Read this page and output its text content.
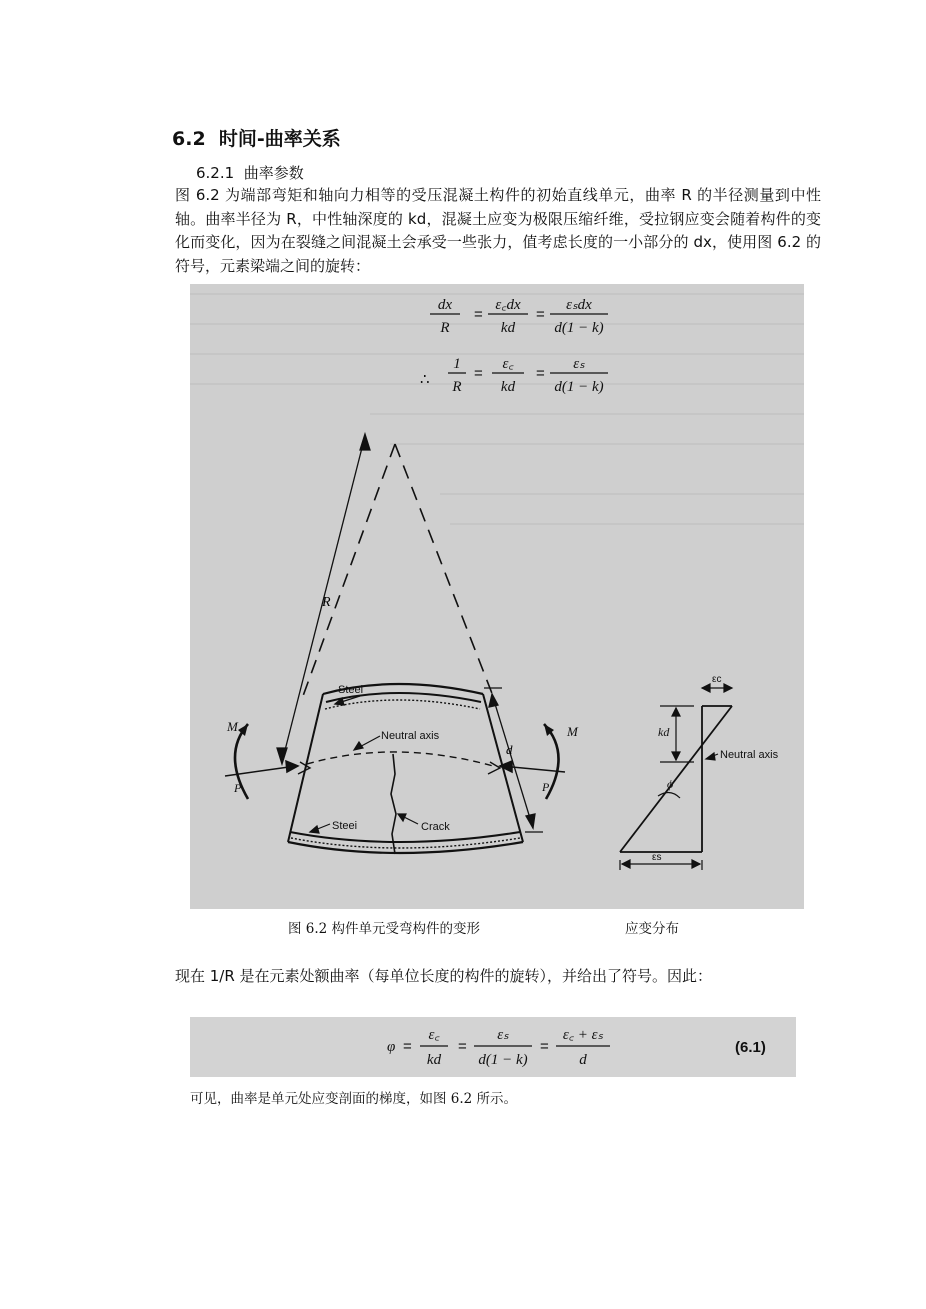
6.2 时间-曲率关系
6.2.1 曲率参数
图 6.2 为端部弯矩和轴向力相等的受压混凝土构件的初始直线单元，曲率 R 的半径测量到中性轴。曲率半径为 R，中性轴深度的 kd，混凝土应变为极限压缩纤维，受拉钢应变会随着构件的变化而变化，因为在裂缝之间混凝土会承受一些张力，值考虑长度的一小部分的 dx，使用图 6.2 的符号，元素梁端之间的旋转：
dx
R
=
ε꜀dx
kd
=
εₛdx
d(1 − k)
∴
1
R
=
ε꜀
kd
=
εₛ
d(1 − k)
R
d
Steel
Neutral axis
Steei	Crack
M
P
M
P
εc
kd
Neutral axis
ϕ
εs
图 6.2 构件单元受弯构件的变形	应变分布
现在 1/R 是在元素处额曲率（每单位长度的构件的旋转），并给出了符号。因此：
φ =
ε꜀
kd
=
εₛ
d(1 − k)
=
ε꜀ + εₛ
d
(6.1)
可见，曲率是单元处应变剖面的梯度，如图 6.2 所示。
